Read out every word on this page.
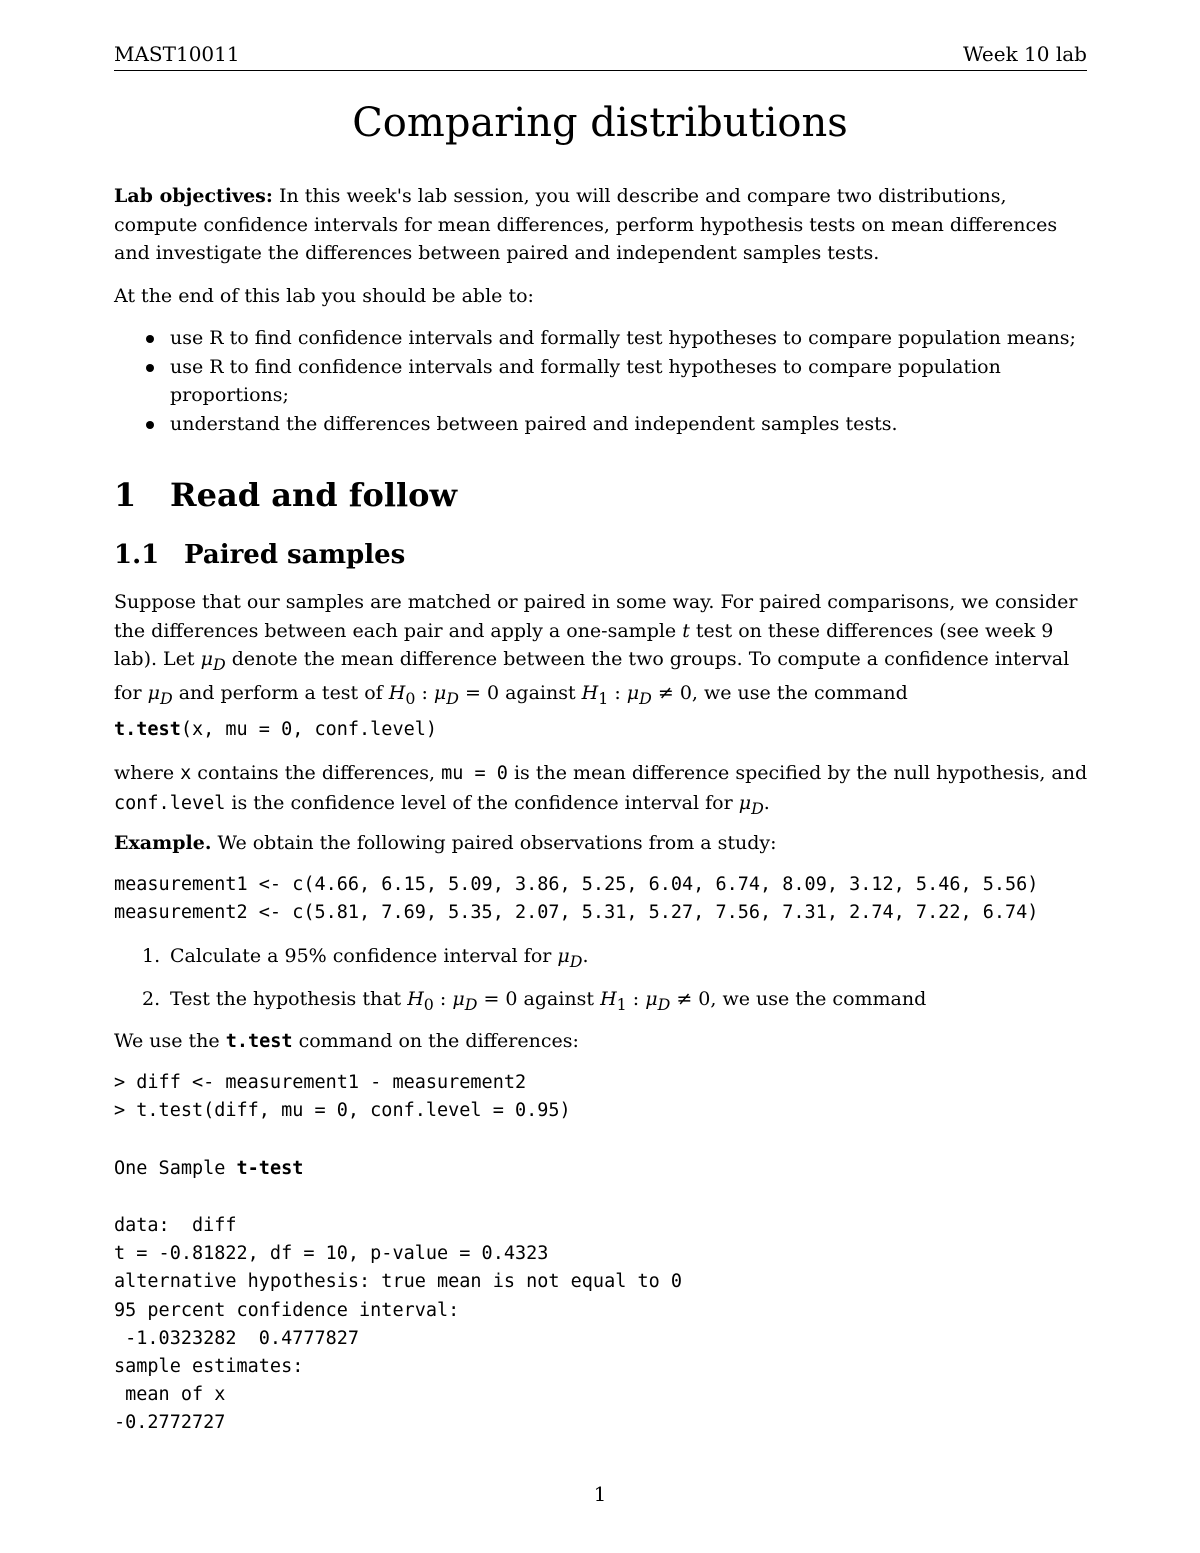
MAST10011	Week 10 lab
Comparing distributions
Lab objectives: In this week's lab session, you will describe and compare two distributions, compute confidence intervals for mean differences, perform hypothesis tests on mean differences and investigate the differences between paired and independent samples tests.
At the end of this lab you should be able to:
use R to find confidence intervals and formally test hypotheses to compare population means;
use R to find confidence intervals and formally test hypotheses to compare population proportions;
understand the differences between paired and independent samples tests.
1 Read and follow
1.1 Paired samples
Suppose that our samples are matched or paired in some way. For paired comparisons, we consider the differences between each pair and apply a one-sample t test on these differences (see week 9 lab). Let $\mu_D$ denote the mean difference between the two groups. To compute a confidence interval for $\mu_D$ and perform a test of $H_0$ : $\mu_D = 0$ against $H_1$ : $\mu_D \ne 0$, we use the command
t.test(x, mu = 0, conf.level)
where x contains the differences, mu = 0 is the mean difference specified by the null hypothesis, and conf.level is the confidence level of the confidence interval for $\mu_D$.
Example. We obtain the following paired observations from a study:
measurement1 <- c(4.66, 6.15, 5.09, 3.86, 5.25, 6.04, 6.74, 8.09, 3.12, 5.46, 5.56)
measurement2 <- c(5.81, 7.69, 5.35, 2.07, 5.31, 5.27, 7.56, 7.31, 2.74, 7.22, 6.74)
1. Calculate a 95% confidence interval for $\mu_D$.
2. Test the hypothesis that $H_0$ : $\mu_D = 0$ against $H_1$ : $\mu_D \ne 0$, we use the command
We use the t.test command on the differences:
> diff <- measurement1 - measurement2
> t.test(diff, mu = 0, conf.level = 0.95)
One Sample t-test
data:  diff
t = -0.81822, df = 10, p-value = 0.4323
alternative hypothesis: true mean is not equal to 0
95 percent confidence interval:
-1.0323282  0.4777827
sample estimates:
mean of x
-0.2772727
1
